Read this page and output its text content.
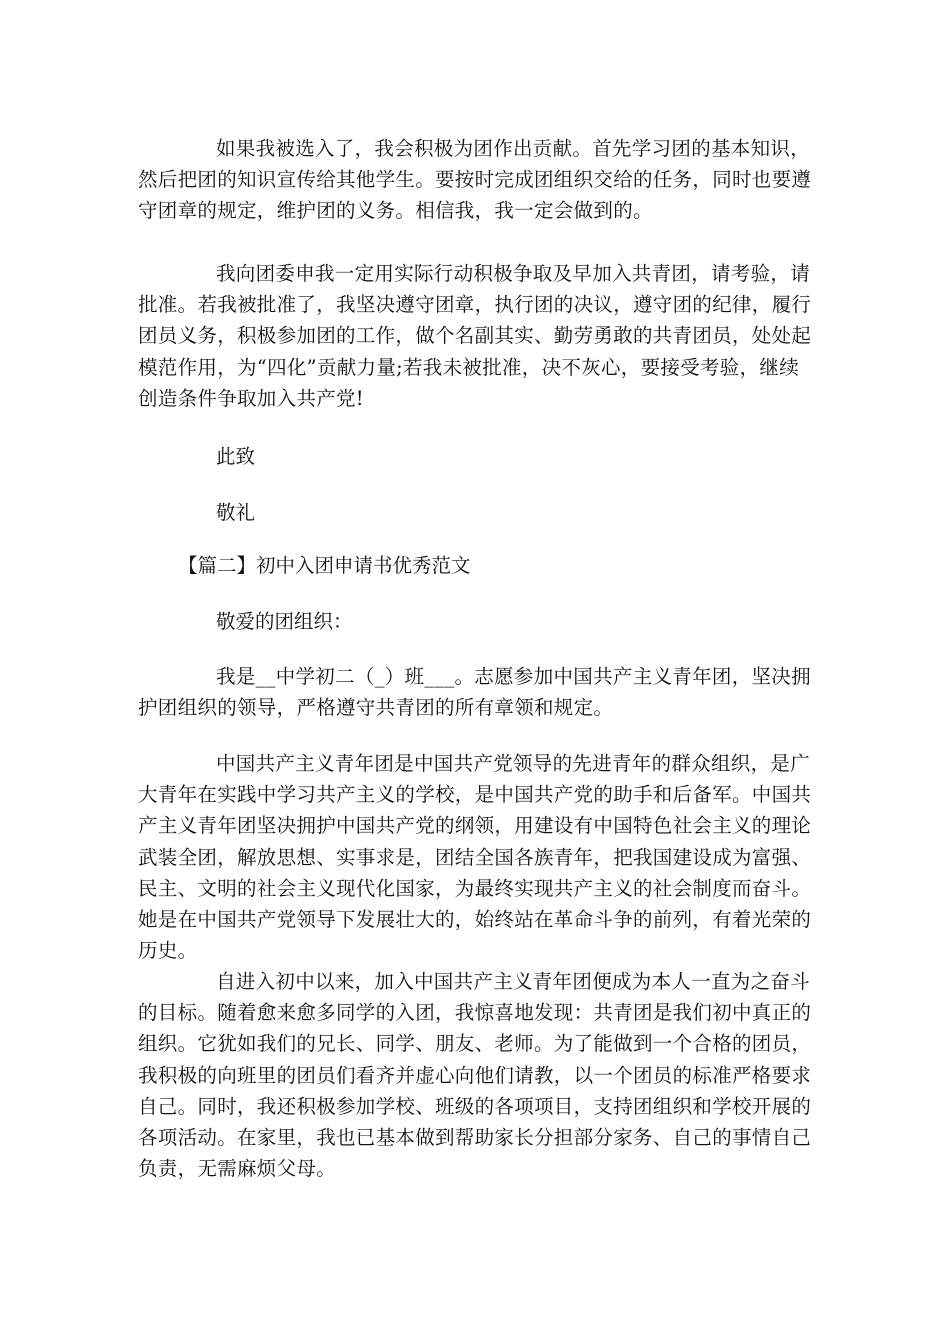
如果我被选入了，我会积极为团作出贡献。首先学习团的基本知识，然后把团的知识宣传给其他学生。要按时完成团组织交给的任务，同时也要遵守团章的规定，维护团的义务。相信我，我一定会做到的。

我向团委申我一定用实际行动积极争取及早加入共青团，请考验，请批准。若我被批准了，我坚决遵守团章，执行团的决议，遵守团的纪律，履行团员义务，积极参加团的工作，做个名副其实、勤劳勇敢的共青团员，处处起模范作用，为“四化”贡献力量;若我未被批准，决不灰心，要接受考验，继续创造条件争取加入共产党!

此致

敬礼

【篇二】初中入团申请书优秀范文

敬爱的团组织：

我是__中学初二（_）班___。志愿参加中国共产主义青年团，坚决拥护团组织的领导，严格遵守共青团的所有章领和规定。

中国共产主义青年团是中国共产党领导的先进青年的群众组织，是广大青年在实践中学习共产主义的学校，是中国共产党的助手和后备军。中国共产主义青年团坚决拥护中国共产党的纲领，用建设有中国特色社会主义的理论武装全团，解放思想、实事求是，团结全国各族青年，把我国建设成为富强、民主、文明的社会主义现代化国家，为最终实现共产主义的社会制度而奋斗。她是在中国共产党领导下发展壮大的，始终站在革命斗争的前列，有着光荣的历史。

自进入初中以来，加入中国共产主义青年团便成为本人一直为之奋斗的目标。随着愈来愈多同学的入团，我惊喜地发现：共青团是我们初中真正的组织。它犹如我们的兄长、同学、朋友、老师。为了能做到一个合格的团员，我积极的向班里的团员们看齐并虚心向他们请教，以一个团员的标准严格要求自己。同时，我还积极参加学校、班级的各项项目，支持团组织和学校开展的各项活动。在家里，我也已基本做到帮助家长分担部分家务、自己的事情自己负责，无需麻烦父母。
